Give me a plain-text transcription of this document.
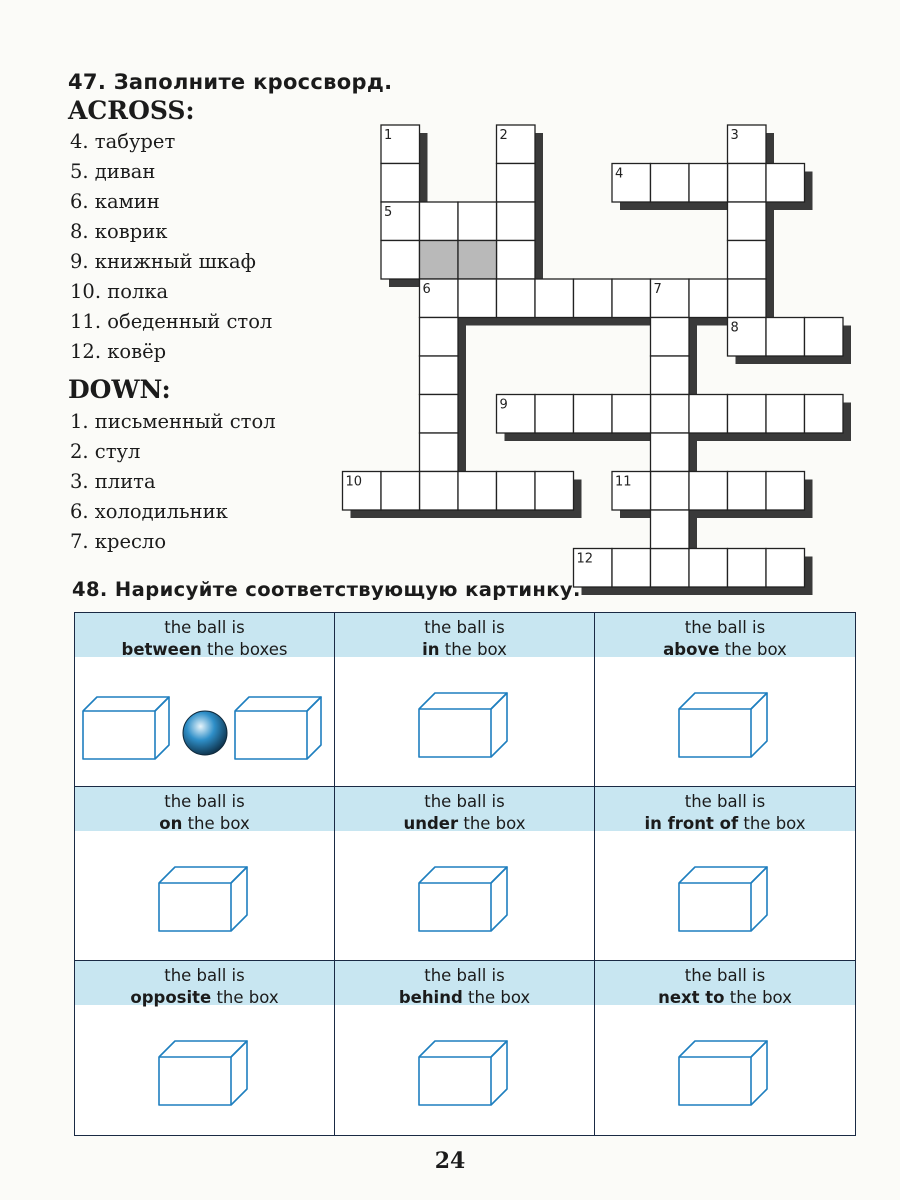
47. Заполните кроссворд.
ACROSS:
4. табурет
5. диван
6. камин
8. коврик
9. книжный шкаф
10. полка
11. обеденный стол
12. ковёр
DOWN:
1. письменный стол
2. стул
3. плита
6. холодильник
7. кресло
1	2	3
4
5
6	7
8
9
10	11
12
48. Нарисуйте соответствующую картинку.
the ball is
between the boxes
the ball is
in the box
the ball is
above the box
the ball is
on the box
the ball is
under the box
the ball is
in front of the box
the ball is
opposite the box
the ball is
behind the box
the ball is
next to the box
24
